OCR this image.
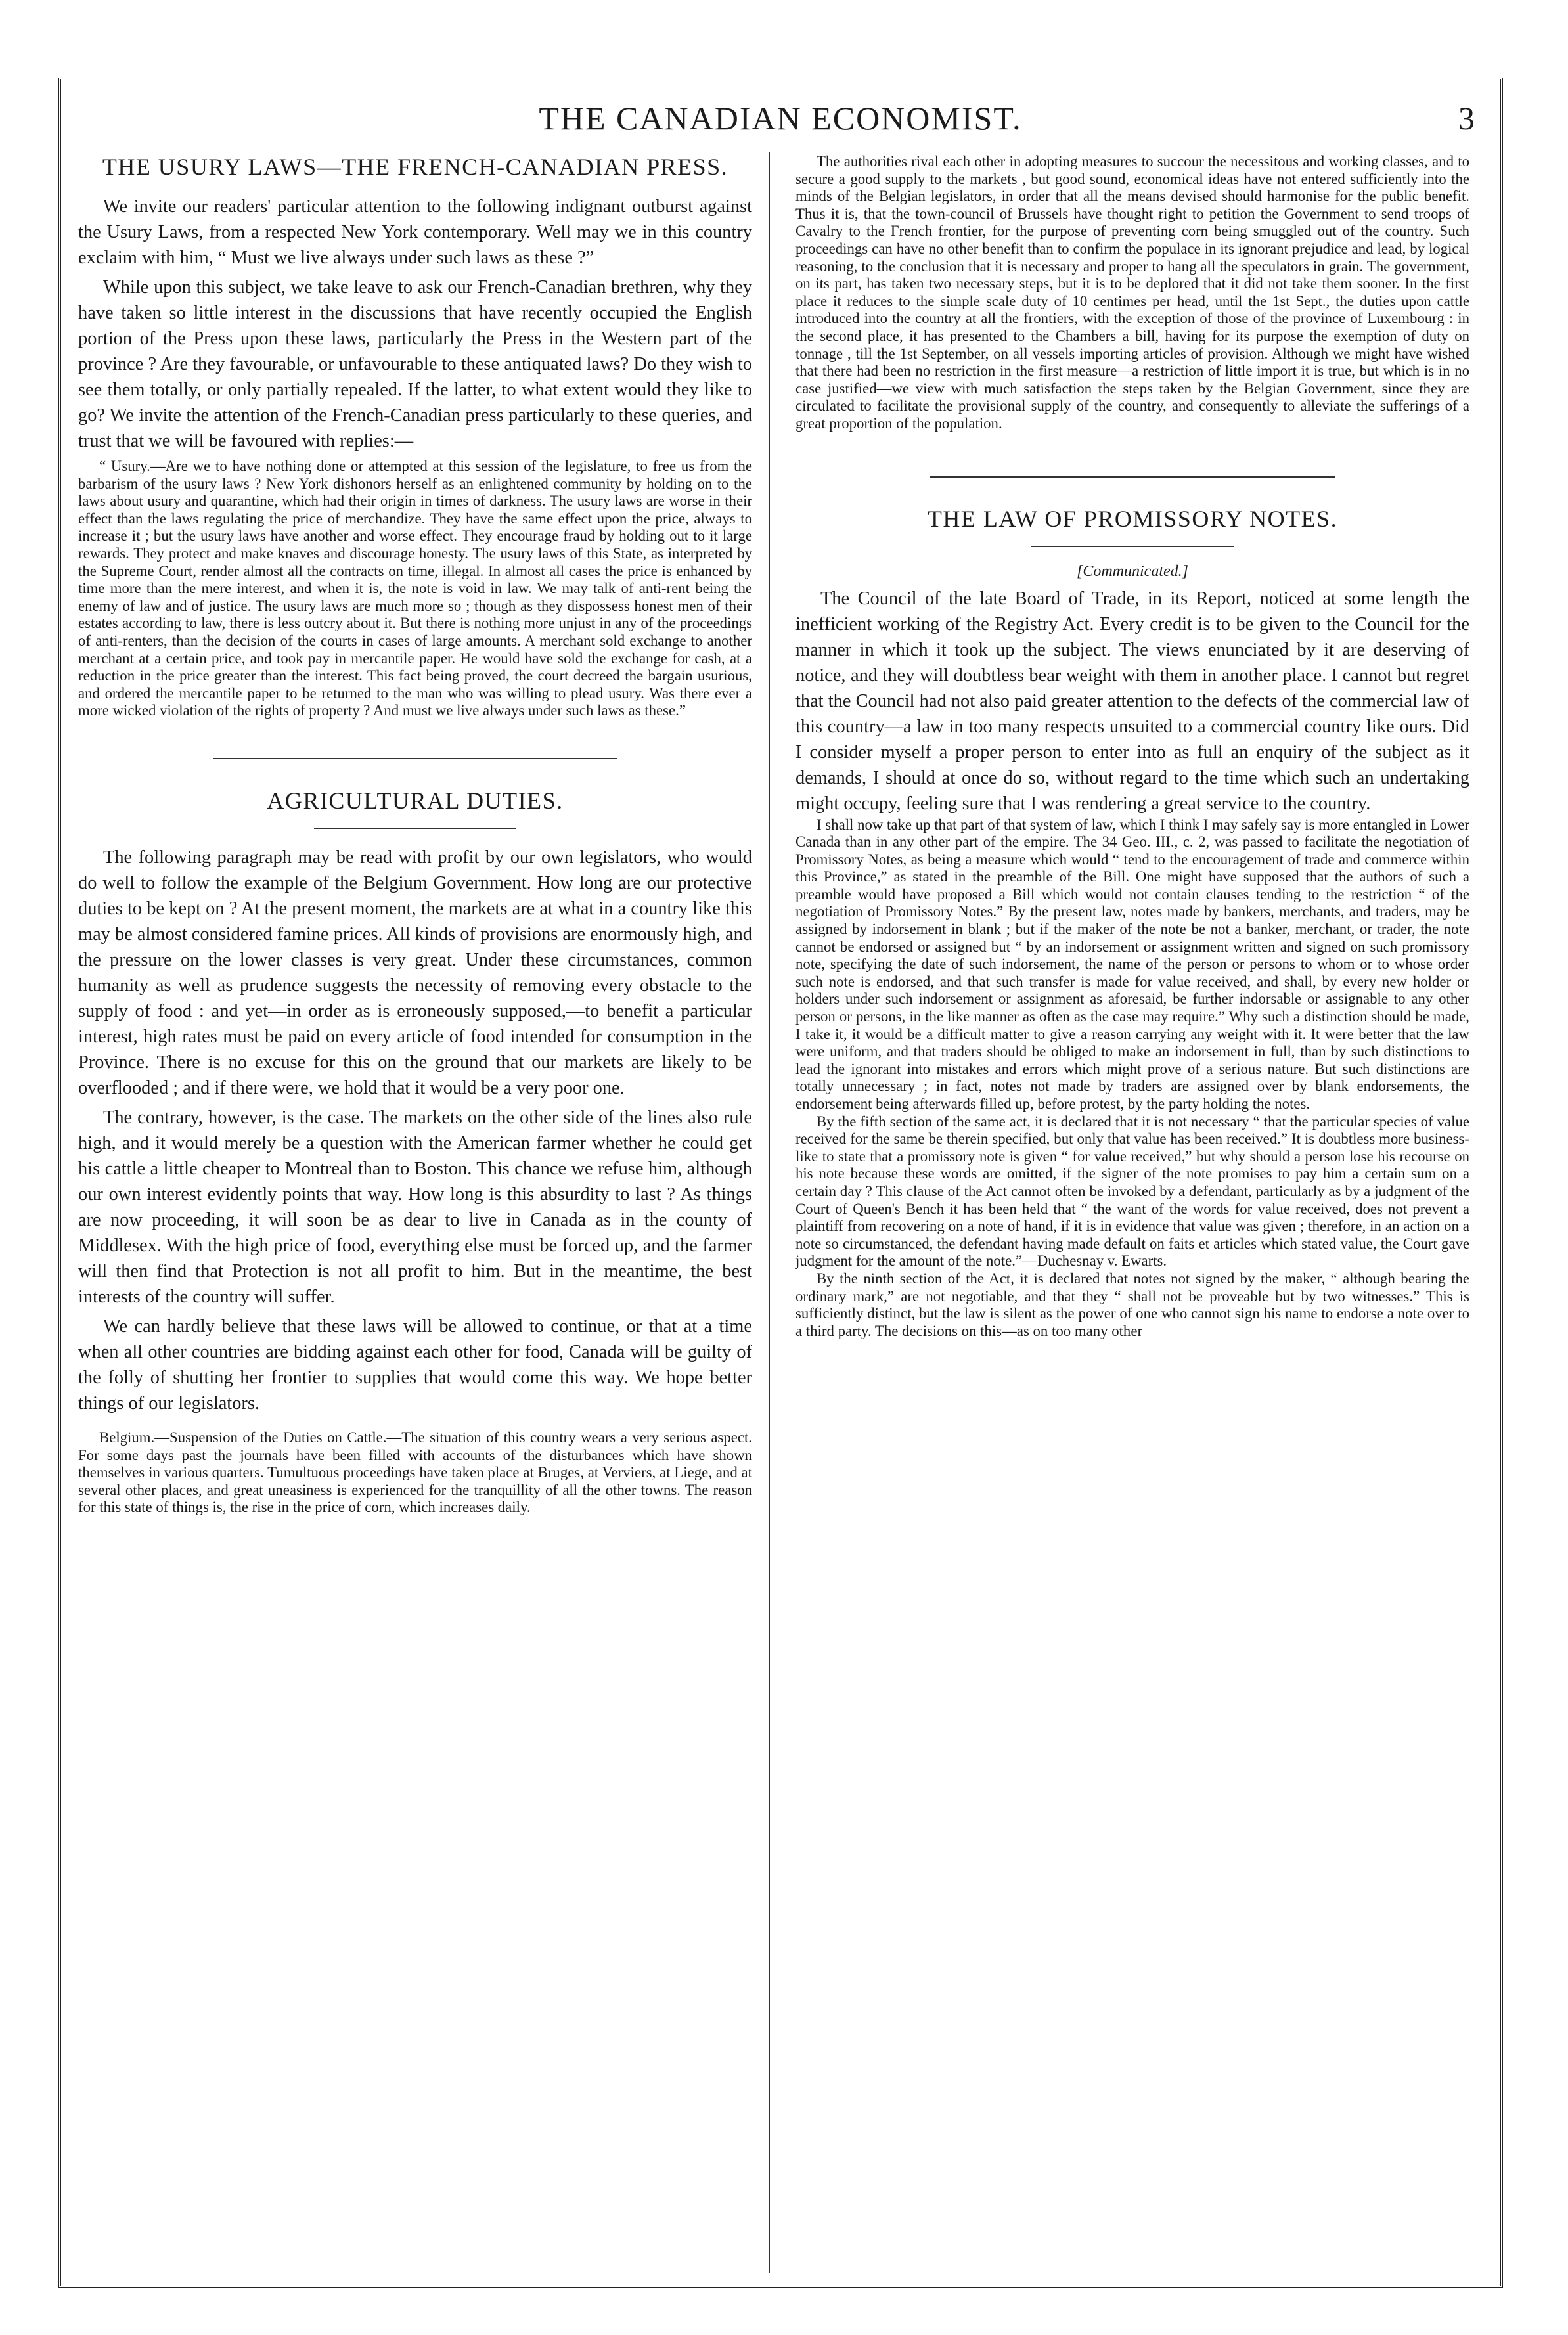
THE CANADIAN ECONOMIST.	3
THE USURY LAWS—THE FRENCH-CANADIAN PRESS.

We invite our readers' particular attention to the following indignant outburst against the Usury Laws, from a respected New York contemporary. Well may we in this country exclaim with him, “ Must we live always under such laws as these ?”

While upon this subject, we take leave to ask our French-Canadian brethren, why they have taken so little interest in the discussions that have recently occupied the English portion of the Press upon these laws, particularly the Press in the Western part of the province ? Are they favourable, or unfavourable to these antiquated laws? Do they wish to see them totally, or only partially repealed. If the latter, to what extent would they like to go? We invite the attention of the French-Canadian press particularly to these queries, and trust that we will be favoured with replies:—

“ Usury.—Are we to have nothing done or attempted at this session of the legislature, to free us from the barbarism of the usury laws ? New York dishonors herself as an enlightened community by holding on to the laws about usury and quarantine, which had their origin in times of darkness. The usury laws are worse in their effect than the laws regulating the price of merchandize. They have the same effect upon the price, always to increase it ; but the usury laws have another and worse effect. They encourage fraud by holding out to it large rewards. They protect and make knaves and discourage honesty. The usury laws of this State, as interpreted by the Supreme Court, render almost all the contracts on time, illegal. In almost all cases the price is enhanced by time more than the mere interest, and when it is, the note is void in law. We may talk of anti-rent being the enemy of law and of justice. The usury laws are much more so ; though as they dispossess honest men of their estates according to law, there is less outcry about it. But there is nothing more unjust in any of the proceedings of anti-renters, than the decision of the courts in cases of large amounts. A merchant sold exchange to another merchant at a certain price, and took pay in mercantile paper. He would have sold the exchange for cash, at a reduction in the price greater than the interest. This fact being proved, the court decreed the bargain usurious, and ordered the mercantile paper to be returned to the man who was willing to plead usury. Was there ever a more wicked violation of the rights of property ? And must we live always under such laws as these.”

AGRICULTURAL DUTIES.

The following paragraph may be read with profit by our own legislators, who would do well to follow the example of the Belgium Government. How long are our protective duties to be kept on ? At the present moment, the markets are at what in a country like this may be almost considered famine prices. All kinds of provisions are enormously high, and the pressure on the lower classes is very great. Under these circumstances, common humanity as well as prudence suggests the necessity of removing every obstacle to the supply of food : and yet—in order as is erroneously supposed,—to benefit a particular interest, high rates must be paid on every article of food intended for consumption in the Province. There is no excuse for this on the ground that our markets are likely to be overflooded ; and if there were, we hold that it would be a very poor one.

The contrary, however, is the case. The markets on the other side of the lines also rule high, and it would merely be a question with the American farmer whether he could get his cattle a little cheaper to Montreal than to Boston. This chance we refuse him, although our own interest evidently points that way. How long is this absurdity to last ? As things are now proceeding, it will soon be as dear to live in Canada as in the county of Middlesex. With the high price of food, everything else must be forced up, and the farmer will then find that Protection is not all profit to him. But in the meantime, the best interests of the country will suffer.

We can hardly believe that these laws will be allowed to continue, or that at a time when all other countries are bidding against each other for food, Canada will be guilty of the folly of shutting her frontier to supplies that would come this way. We hope better things of our legislators.

Belgium.—Suspension of the Duties on Cattle.—The situation of this country wears a very serious aspect. For some days past the journals have been filled with accounts of the disturbances which have shown themselves in various quarters. Tumultuous proceedings have taken place at Bruges, at Verviers, at Liege, and at several other places, and great uneasiness is experienced for the tranquillity of all the other towns. The reason for this state of things is, the rise in the price of corn, which increases daily.

The authorities rival each other in adopting measures to succour the necessitous and working classes, and to secure a good supply to the markets , but good sound, economical ideas have not entered sufficiently into the minds of the Belgian legislators, in order that all the means devised should harmonise for the public benefit. Thus it is, that the town-council of Brussels have thought right to petition the Government to send troops of Cavalry to the French frontier, for the purpose of preventing corn being smuggled out of the country. Such proceedings can have no other benefit than to confirm the populace in its ignorant prejudice and lead, by logical reasoning, to the conclusion that it is necessary and proper to hang all the speculators in grain. The government, on its part, has taken two necessary steps, but it is to be deplored that it did not take them sooner. In the first place it reduces to the simple scale duty of 10 centimes per head, until the 1st Sept., the duties upon cattle introduced into the country at all the frontiers, with the exception of those of the province of Luxembourg : in the second place, it has presented to the Chambers a bill, having for its purpose the exemption of duty on tonnage , till the 1st September, on all vessels importing articles of provision. Although we might have wished that there had been no restriction in the first measure—a restriction of little import it is true, but which is in no case justified—we view with much satisfaction the steps taken by the Belgian Government, since they are circulated to facilitate the provisional supply of the country, and consequently to alleviate the sufferings of a great proportion of the population.

THE LAW OF PROMISSORY NOTES.

[Communicated.]

The Council of the late Board of Trade, in its Report, noticed at some length the inefficient working of the Registry Act. Every credit is to be given to the Council for the manner in which it took up the subject. The views enunciated by it are deserving of notice, and they will doubtless bear weight with them in another place. I cannot but regret that the Council had not also paid greater attention to the defects of the commercial law of this country—a law in too many respects unsuited to a commercial country like ours. Did I consider myself a proper person to enter into as full an enquiry of the subject as it demands, I should at once do so, without regard to the time which such an undertaking might occupy, feeling sure that I was rendering a great service to the country.

I shall now take up that part of that system of law, which I think I may safely say is more entangled in Lower Canada than in any other part of the empire. The 34 Geo. III., c. 2, was passed to facilitate the negotiation of Promissory Notes, as being a measure which would “ tend to the encouragement of trade and commerce within this Province,” as stated in the preamble of the Bill. One might have supposed that the authors of such a preamble would have proposed a Bill which would not contain clauses tending to the restriction “ of the negotiation of Promissory Notes.” By the present law, notes made by bankers, merchants, and traders, may be assigned by indorsement in blank ; but if the maker of the note be not a banker, merchant, or trader, the note cannot be endorsed or assigned but “ by an indorsement or assignment written and signed on such promissory note, specifying the date of such indorsement, the name of the person or persons to whom or to whose order such note is endorsed, and that such transfer is made for value received, and shall, by every new holder or holders under such indorsement or assignment as aforesaid, be further indorsable or assignable to any other person or persons, in the like manner as often as the case may require.” Why such a distinction should be made, I take it, it would be a difficult matter to give a reason carrying any weight with it. It were better that the law were uniform, and that traders should be obliged to make an indorsement in full, than by such distinctions to lead the ignorant into mistakes and errors which might prove of a serious nature. But such distinctions are totally unnecessary ; in fact, notes not made by traders are assigned over by blank endorsements, the endorsement being afterwards filled up, before protest, by the party holding the notes.

By the fifth section of the same act, it is declared that it is not necessary “ that the particular species of value received for the same be therein specified, but only that value has been received.” It is doubtless more business-like to state that a promissory note is given “ for value received,” but why should a person lose his recourse on his note because these words are omitted, if the signer of the note promises to pay him a certain sum on a certain day ? This clause of the Act cannot often be invoked by a defendant, particularly as by a judgment of the Court of Queen's Bench it has been held that “ the want of the words for value received, does not prevent a plaintiff from recovering on a note of hand, if it is in evidence that value was given ; therefore, in an action on a note so circumstanced, the defendant having made default on faits et articles which stated value, the Court gave judgment for the amount of the note.”—Duchesnay v. Ewarts.

By the ninth section of the Act, it is declared that notes not signed by the maker, “ although bearing the ordinary mark,” are not negotiable, and that they “ shall not be proveable but by two witnesses.” This is sufficiently distinct, but the law is silent as the power of one who cannot sign his name to endorse a note over to a third party. The decisions on this—as on too many other
